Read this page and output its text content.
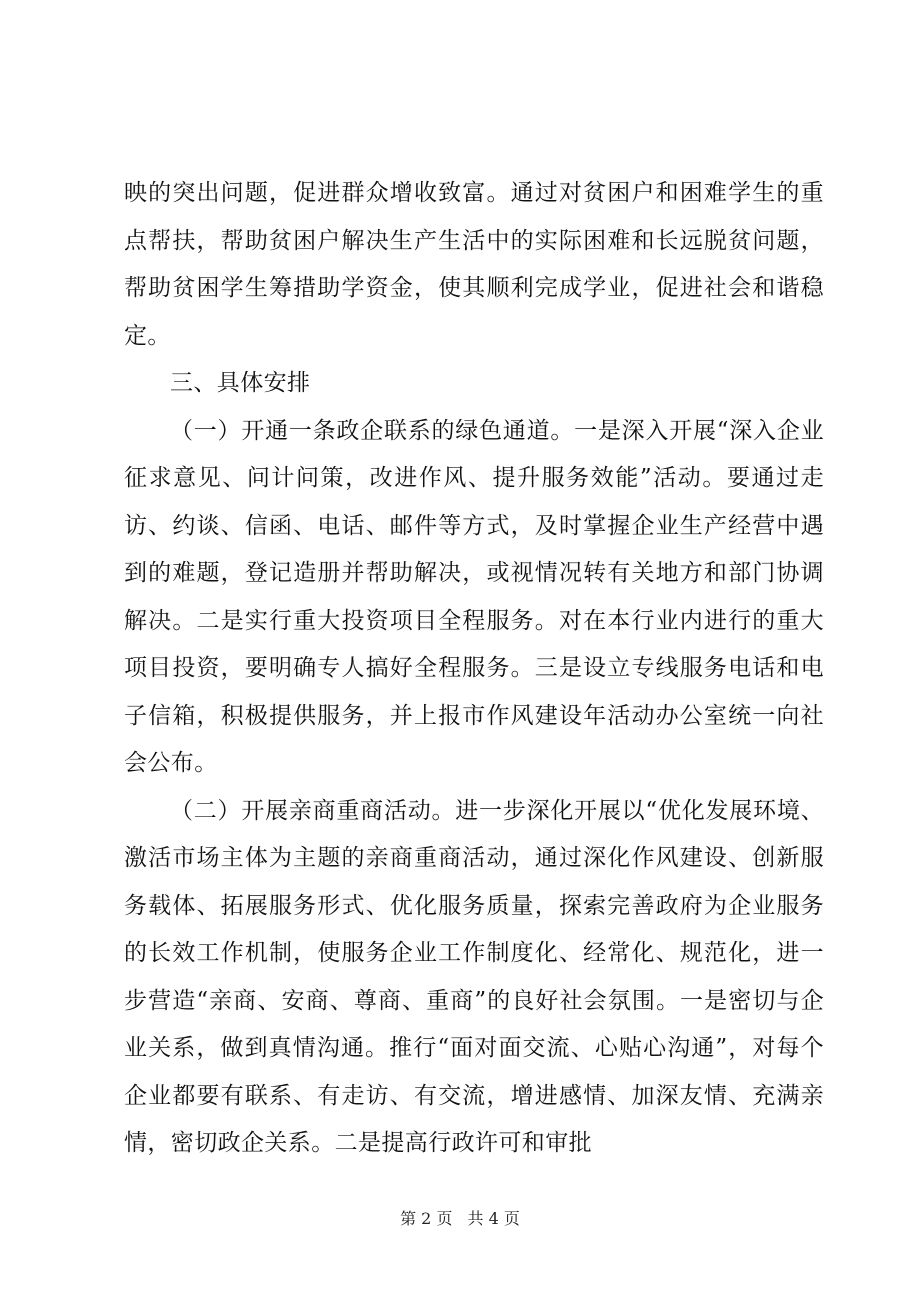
映的突出问题，促进群众增收致富。通过对贫困户和困难学生的重点帮扶，帮助贫困户解决生产生活中的实际困难和长远脱贫问题，帮助贫困学生筹措助学资金，使其顺利完成学业，促进社会和谐稳定。

三、具体安排

（一）开通一条政企联系的绿色通道。一是深入开展“深入企业征求意见、问计问策，改进作风、提升服务效能”活动。要通过走访、约谈、信函、电话、邮件等方式，及时掌握企业生产经营中遇到的难题，登记造册并帮助解决，或视情况转有关地方和部门协调解决。二是实行重大投资项目全程服务。对在本行业内进行的重大项目投资，要明确专人搞好全程服务。三是设立专线服务电话和电子信箱，积极提供服务，并上报市作风建设年活动办公室统一向社会公布。

（二）开展亲商重商活动。进一步深化开展以“优化发展环境、激活市场主体为主题的亲商重商活动，通过深化作风建设、创新服务载体、拓展服务形式、优化服务质量，探索完善政府为企业服务的长效工作机制，使服务企业工作制度化、经常化、规范化，进一步营造“亲商、安商、尊商、重商”的良好社会氛围。一是密切与企业关系，做到真情沟通。推行“面对面交流、心贴心沟通”，对每个企业都要有联系、有走访、有交流，增进感情、加深友情、充满亲情，密切政企关系。二是提高行政许可和审批

第 2 页 共 4 页
